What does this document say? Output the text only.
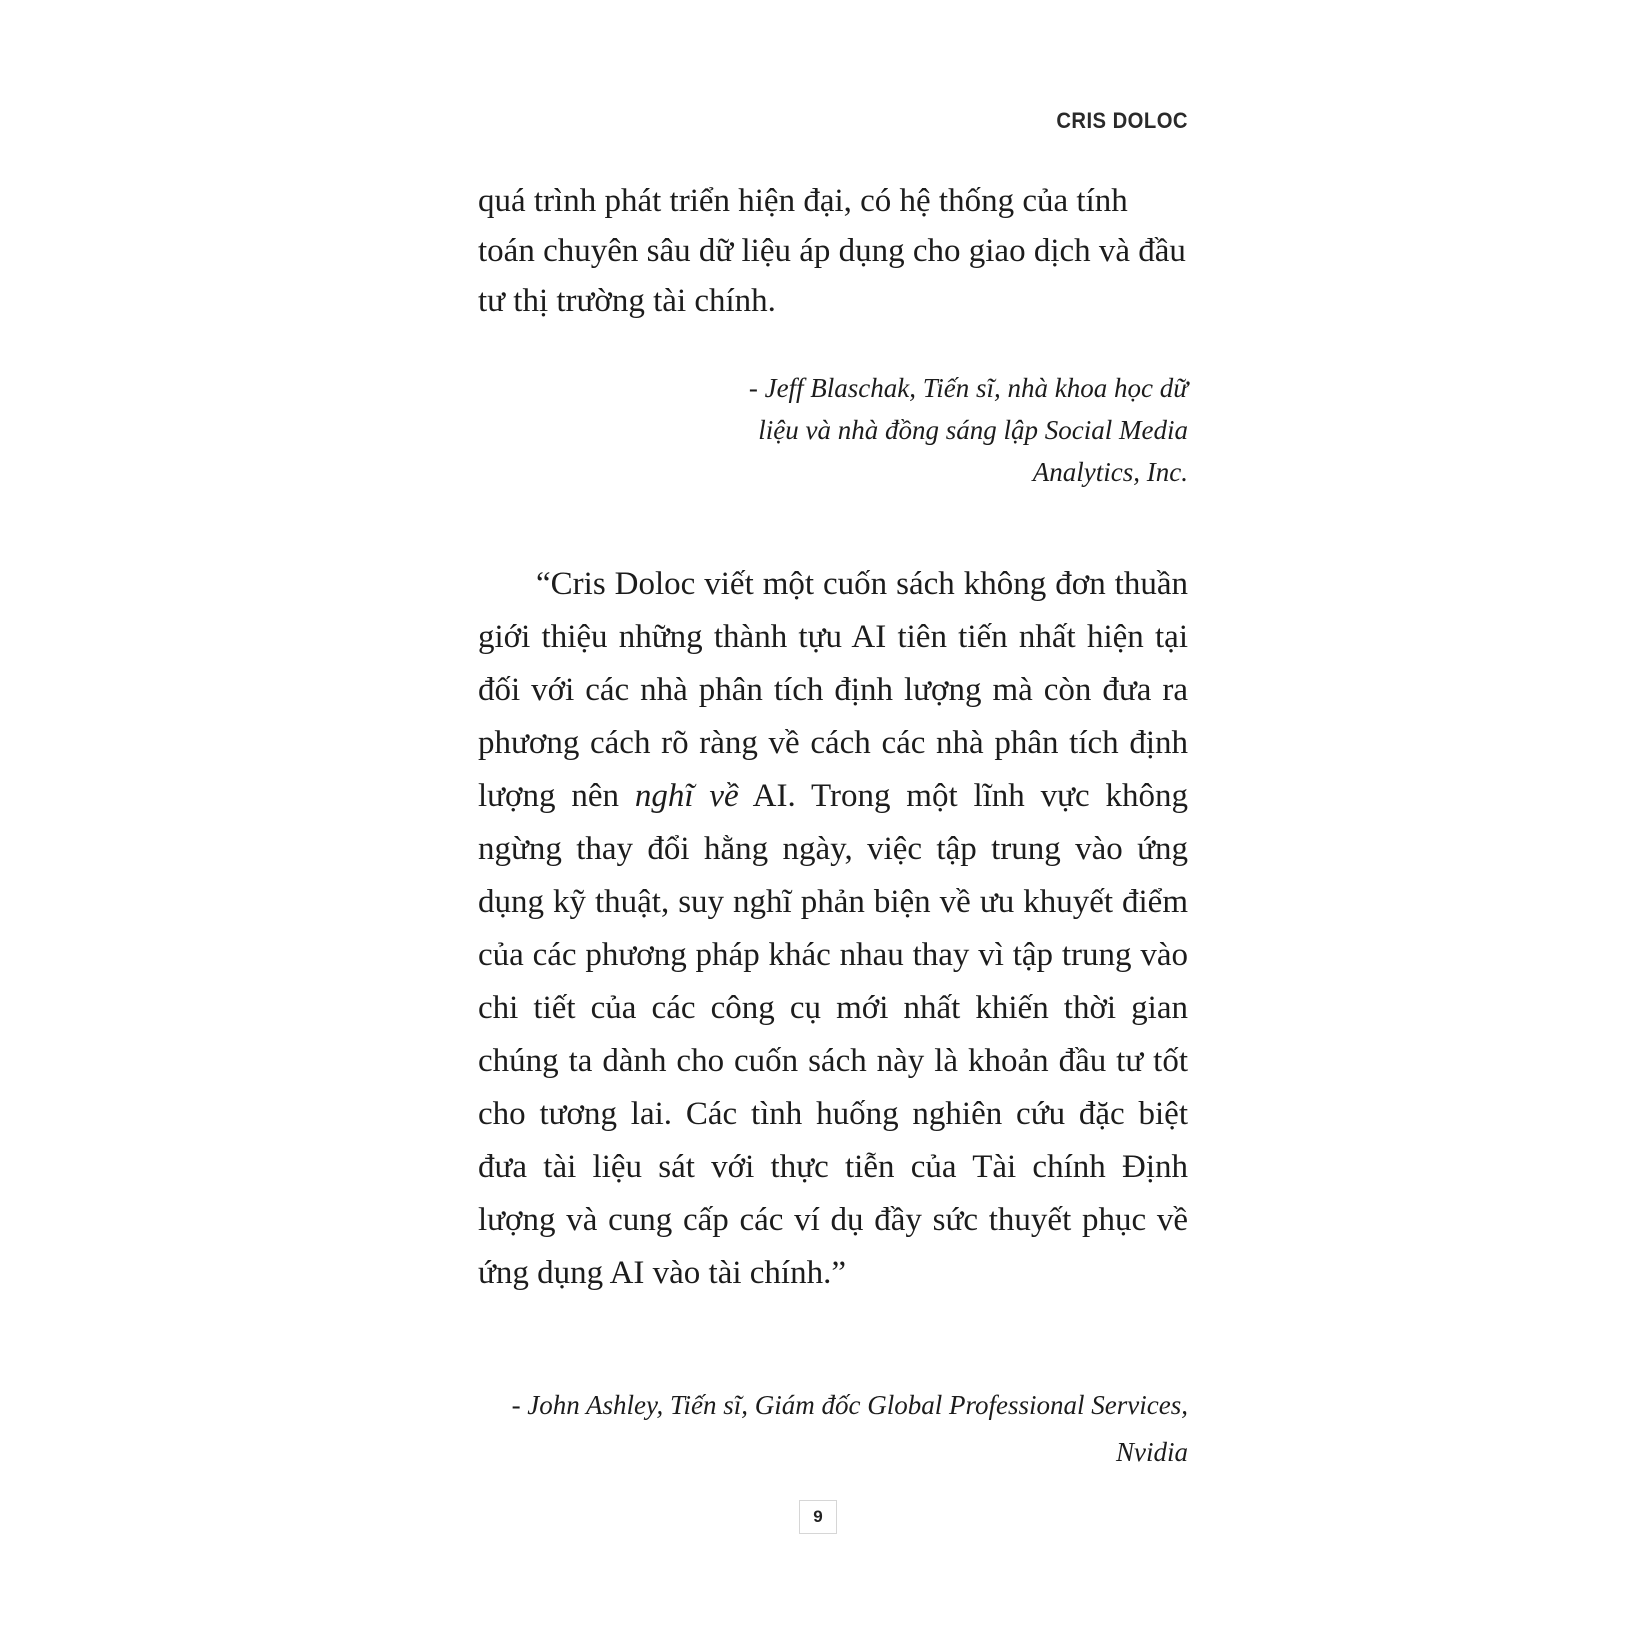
CRIS DOLOC

quá trình phát triển hiện đại, có hệ thống của tính toán chuyên sâu dữ liệu áp dụng cho giao dịch và đầu tư thị trường tài chính.

- Jeff Blaschak, Tiến sĩ, nhà khoa học dữ
liệu và nhà đồng sáng lập Social Media
Analytics, Inc.

“Cris Doloc viết một cuốn sách không đơn thuần giới thiệu những thành tựu AI tiên tiến nhất hiện tại đối với các nhà phân tích định lượng mà còn đưa ra phương cách rõ ràng về cách các nhà phân tích định lượng nên nghĩ về AI. Trong một lĩnh vực không ngừng thay đổi hằng ngày, việc tập trung vào ứng dụng kỹ thuật, suy nghĩ phản biện về ưu khuyết điểm của các phương pháp khác nhau thay vì tập trung vào chi tiết của các công cụ mới nhất khiến thời gian chúng ta dành cho cuốn sách này là khoản đầu tư tốt cho tương lai. Các tình huống nghiên cứu đặc biệt đưa tài liệu sát với thực tiễn của Tài chính Định lượng và cung cấp các ví dụ đầy sức thuyết phục về ứng dụng AI vào tài chính.”

- John Ashley, Tiến sĩ, Giám đốc Global Professional Services,
Nvidia

9
